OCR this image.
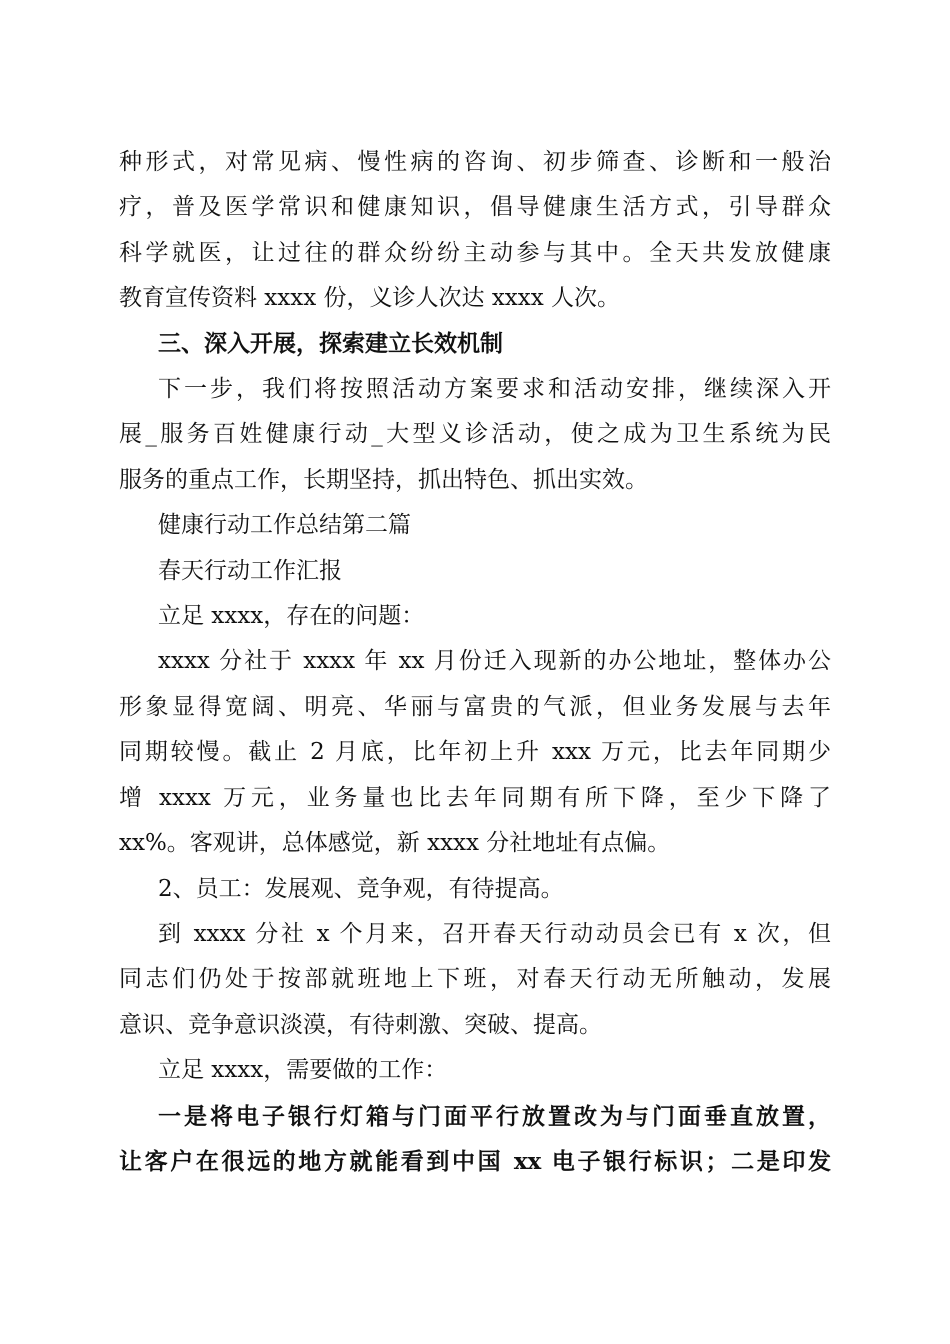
种形式，对常见病、慢性病的咨询、初步筛查、诊断和一般治
疗，普及医学常识和健康知识，倡导健康生活方式，引导群众
科学就医，让过往的群众纷纷主动参与其中。全天共发放健康
教育宣传资料 xxxx 份，义诊人次达 xxxx 人次。

三、深入开展，探索建立长效机制

下一步，我们将按照活动方案要求和活动安排，继续深入开
展_服务百姓健康行动_大型义诊活动，使之成为卫生系统为民
服务的重点工作，长期坚持，抓出特色、抓出实效。

健康行动工作总结第二篇

春天行动工作汇报

立足 xxxx，存在的问题：

xxxx 分社于 xxxx 年 xx 月份迁入现新的办公地址，整体办公
形象显得宽阔、明亮、华丽与富贵的气派，但业务发展与去年
同期较慢。截止 2 月底，比年初上升 xxx 万元，比去年同期少
增 xxxx 万元，业务量也比去年同期有所下降，至少下降了
xx%。客观讲，总体感觉，新 xxxx 分社地址有点偏。

2、员工：发展观、竞争观，有待提高。

到 xxxx 分社 x 个月来，召开春天行动动员会已有 x 次，但
同志们仍处于按部就班地上下班，对春天行动无所触动，发展
意识、竞争意识淡漠，有待刺激、突破、提高。

立足 xxxx，需要做的工作：

一是将电子银行灯箱与门面平行放置改为与门面垂直放置，
让客户在很远的地方就能看到中国 xx 电子银行标识；二是印发
